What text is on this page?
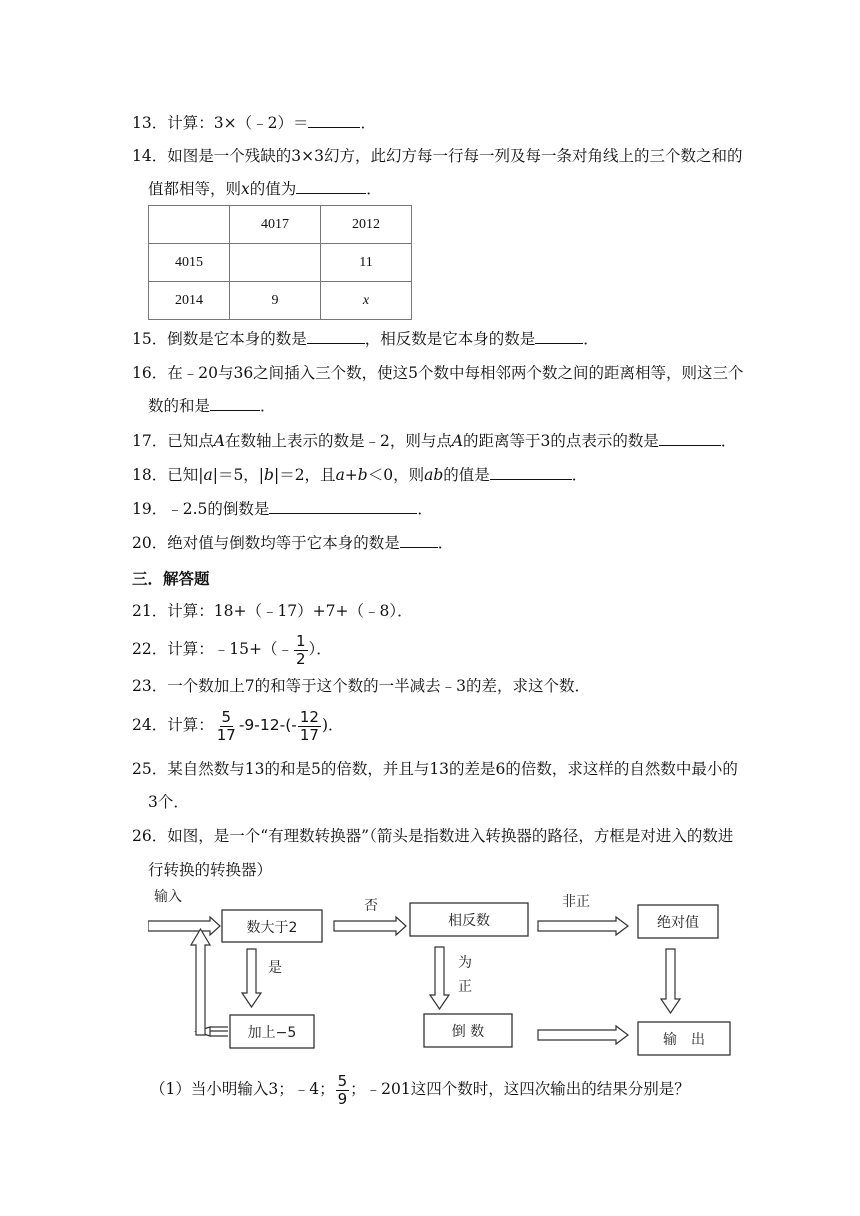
13．计算：3×（﹣2）＝	．
14．如图是一个残缺的3×3幻方，此幻方每一行每一列及每一条对角线上的三个数之和的
值都相等，则x的值为	．
	4017	2012
4015		11
2014	9	x
15．倒数是它本身的数是	，相反数是它本身的数是	．
16．在﹣20与36之间插入三个数，使这5个数中每相邻两个数之间的距离相等，则这三个
数的和是	．
17．已知点A在数轴上表示的数是﹣2，则与点A的距离等于3的点表示的数是	．
18．已知|a|＝5，|b|＝2，且a+b＜0，则ab的值是	．
19．﹣2.5的倒数是	．
20．绝对值与倒数均等于它本身的数是 ．
三．解答题
21．计算：18+（﹣17）+7+（﹣8）．
22．计算：﹣15+（﹣ $\frac{1}{2}$ ）．
23．一个数加上7的和等于这个数的一半减去﹣3的差，求这个数．
24．计算： $\frac{5}{17} -9-12-(- \frac{12}{17}$ )．
25．某自然数与13的和是5的倍数，并且与13的差是6的倍数，求这样的自然数中最小的
3个．
26．如图，是一个“有理数转换器”（箭头是指数进入转换器的路径，方框是对进入的数进
行转换的转换器）
输入
数大于2
否
相反数
非正
绝对值
是	为
正
加上−5	倒 数	输　出
（1）当小明输入3；﹣4； $\frac{5}{9}$ ；﹣201这四个数时，这四次输出的结果分别是？
